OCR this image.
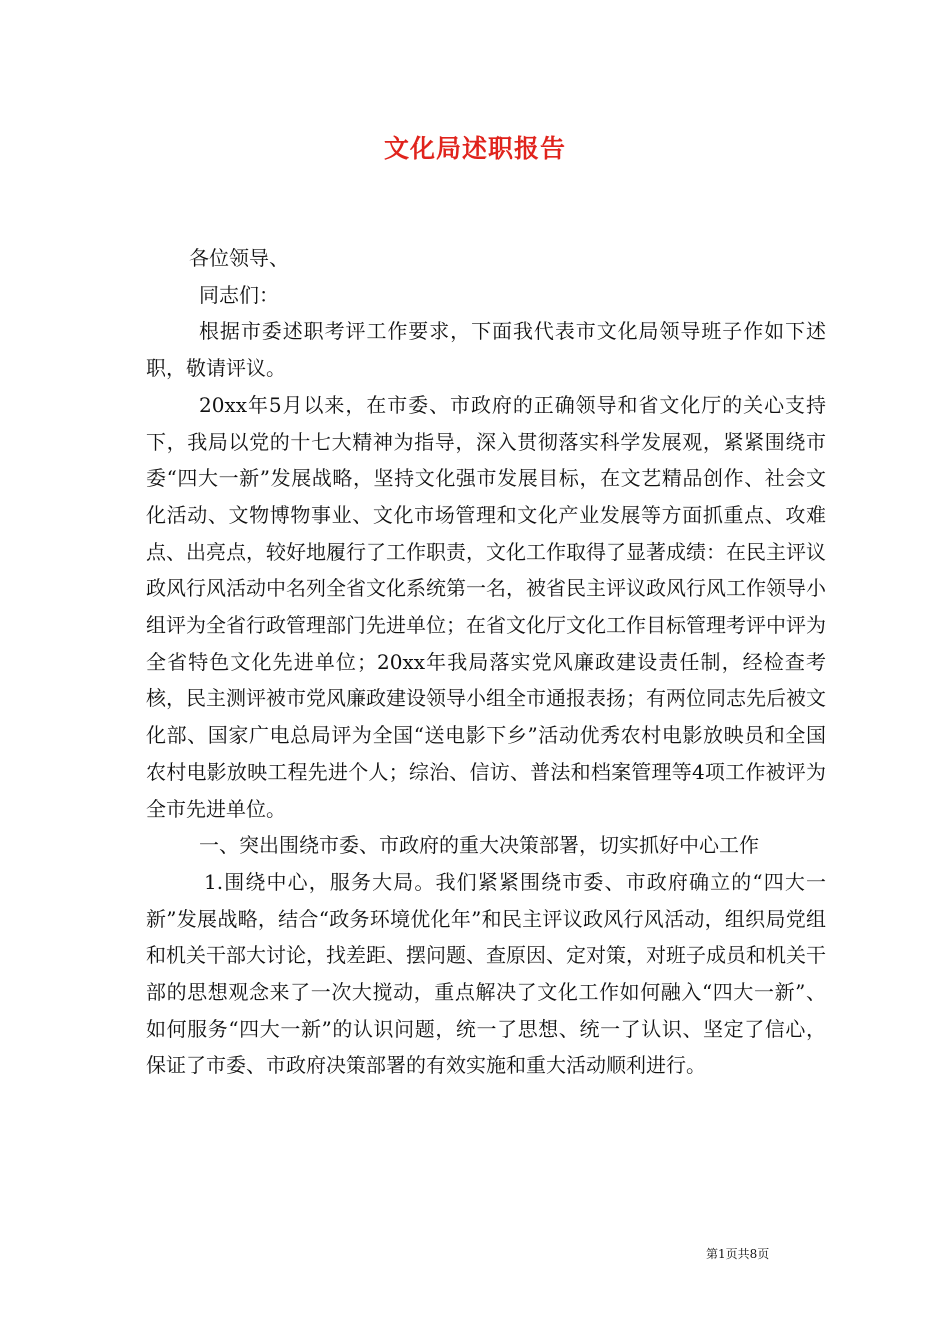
文化局述职报告

各位领导、

同志们：

根据市委述职考评工作要求，下面我代表市文化局领导班子作如下述职，敬请评议。

20xx年5月以来，在市委、市政府的正确领导和省文化厅的关心支持下，我局以党的十七大精神为指导，深入贯彻落实科学发展观，紧紧围绕市委“四大一新”发展战略，坚持文化强市发展目标，在文艺精品创作、社会文化活动、文物博物事业、文化市场管理和文化产业发展等方面抓重点、攻难点、出亮点，较好地履行了工作职责，文化工作取得了显著成绩：在民主评议政风行风活动中名列全省文化系统第一名，被省民主评议政风行风工作领导小组评为全省行政管理部门先进单位；在省文化厅文化工作目标管理考评中评为全省特色文化先进单位；20xx年我局落实党风廉政建设责任制，经检查考核，民主测评被市党风廉政建设领导小组全市通报表扬；有两位同志先后被文化部、国家广电总局评为全国“送电影下乡”活动优秀农村电影放映员和全国农村电影放映工程先进个人；综治、信访、普法和档案管理等4项工作被评为全市先进单位。

一、突出围绕市委、市政府的重大决策部署，切实抓好中心工作

1.围绕中心，服务大局。我们紧紧围绕市委、市政府确立的“四大一新”发展战略，结合“政务环境优化年”和民主评议政风行风活动，组织局党组和机关干部大讨论，找差距、摆问题、查原因、定对策，对班子成员和机关干部的思想观念来了一次大搅动，重点解决了文化工作如何融入“四大一新”、如何服务“四大一新”的认识问题，统一了思想、统一了认识、坚定了信心，保证了市委、市政府决策部署的有效实施和重大活动顺利进行。

第1页共8页
